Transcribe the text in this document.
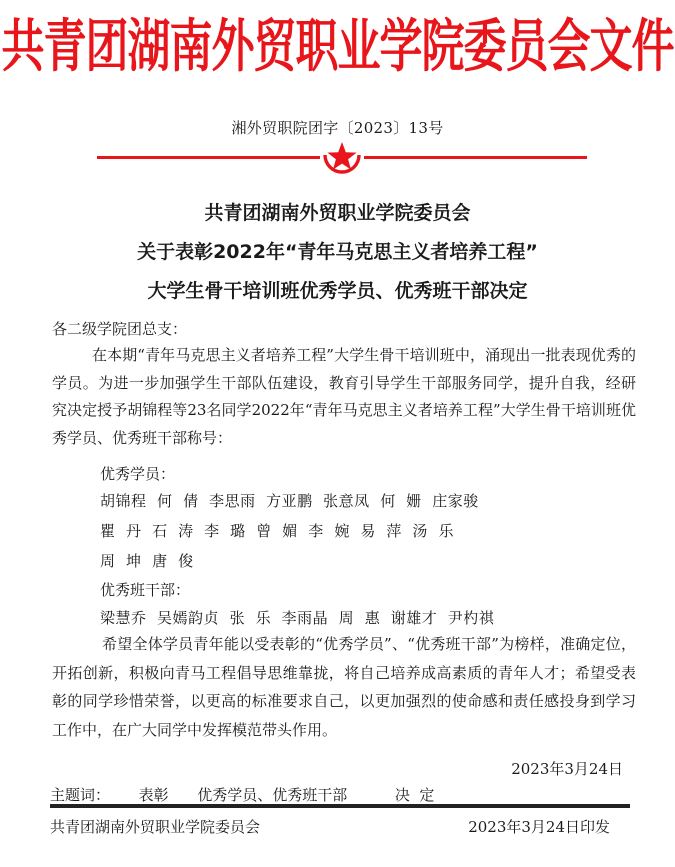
共青团湖南外贸职业学院委员会文件
湘外贸职院团字〔2023〕13号
共青团湖南外贸职业学院委员会
关于表彰2022年“青年马克思主义者培养工程”
大学生骨干培训班优秀学员、优秀班干部决定
各二级学院团总支：
在本期“青年马克思主义者培养工程”大学生骨干培训班中，涌现出一批表现优秀的学员。为进一步加强学生干部队伍建设，教育引导学生干部服务同学，提升自我，经研究决定授予胡锦程等23名同学2022年“青年马克思主义者培养工程”大学生骨干培训班优秀学员、优秀班干部称号：
优秀学员：
胡锦程  何  倩  李思雨  方亚鹏  张意凤  何  姗  庄家骏
瞿  丹  石  涛  李  璐  曾  媚  李  婉  易  萍  汤  乐
周  坤  唐  俊
优秀班干部：
梁慧乔  吴嫣韵贞  张  乐  李雨晶  周  惠  谢雄才  尹杓祺
希望全体学员青年能以受表彰的“优秀学员”、“优秀班干部”为榜样，准确定位，开拓创新，积极向青马工程倡导思维靠拢，将自己培养成高素质的青年人才；希望受表彰的同学珍惜荣誉，以更高的标准要求自己，以更加强烈的使命感和责任感投身到学习工作中，在广大同学中发挥模范带头作用。
2023年3月24日
主题词：      表彰      优秀学员、优秀班干部          决  定
共青团湖南外贸职业学院委员会	2023年3月24日印发
